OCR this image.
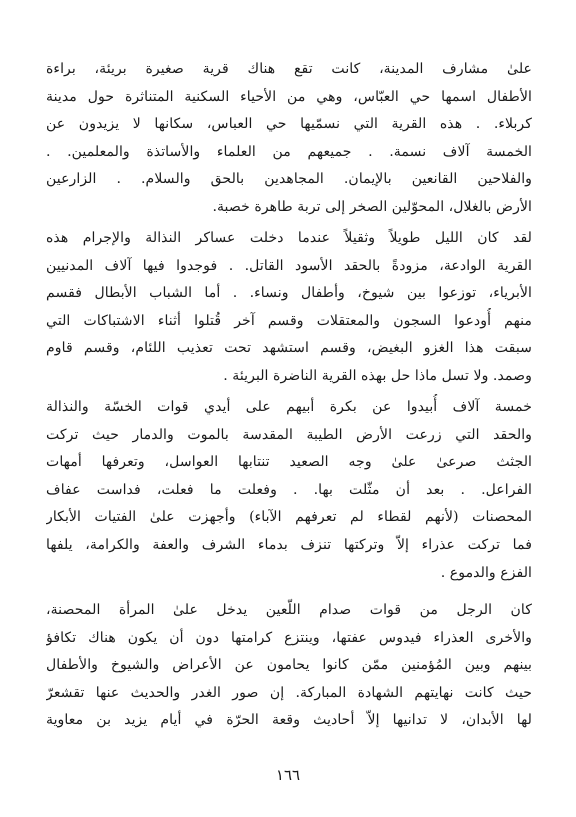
علىٰ مشارف المدينة، كانت تقع هناك قرية صغيرة بريئة، براءة
الأطفال اسمها حي العبّاس، وهي من الأحياء السكنية المتناثرة حول مدينة
كربلاء. . هذه القرية التي نسمّيها حي العباس، سكانها لا يزيدون عن
الخمسة آلاف نسمة. . جميعهم من العلماء والأساتذة والمعلمين. .
والفلاحين القانعين بالإيمان. المجاهدين بالحق والسلام. . الزارعين
الأرض بالغلال، المحوّلين الصخر إلى تربة طاهرة خصبة.
لقد كان الليل طويلاً وثقيلاً عندما دخلت عساكر النذالة والإجرام هذه
القرية الوادعة، مزودةً بالحقد الأسود القاتل. . فوجدوا فيها آلاف المدنيين
الأبرياء، توزعوا بين شيوخ، وأطفال ونساء. . أما الشباب الأبطال فقسم
منهم أُودعوا السجون والمعتقلات وقسم آخر قُتلوا أثناء الاشتباكات التي
سبقت هذا الغزو البغيض، وقسم استشهد تحت تعذيب اللئام، وقسم قاوم
وصمد. ولا تسل ماذا حل بهذه القرية الناضرة البريئة .
خمسة آلاف أُبيدوا عن بكرة أبيهم على أيدي قوات الخسّة والنذالة
والحقد التي زرعت الأرض الطيبة المقدسة بالموت والدمار حيث تركت
الجثث صرعىٰ علىٰ وجه الصعيد تنتابها العواسل، وتعرفها أمهات
الفراعل. . بعد أن مثّلت بها. . وفعلت ما فعلت، فداست عفاف
المحصنات (لأنهم لقطاء لم تعرفهم الآباء) وأجهزت علىٰ الفتيات الأبكار
فما تركت عذراء إلاّ وتركتها تنزف بدماء الشرف والعفة والكرامة، يلفها
الفزع والدموع .
كان الرجل من قوات صدام اللّعين يدخل علىٰ المرأة المحصنة،
والأخرى العذراء فيدوس عفتها، وينتزع كرامتها دون أن يكون هناك تكافؤ
بينهم وبين المُؤمنين ممّن كانوا يحامون عن الأعراض والشيوخ والأطفال
حيث كانت نهايتهم الشهادة المباركة. إن صور الغدر والحديث عنها تقشعرّ
لها الأبدان، لا تدانيها إلاّ أحاديث وقعة الحرّة في أيام يزيد بن معاوية
١٦٦
